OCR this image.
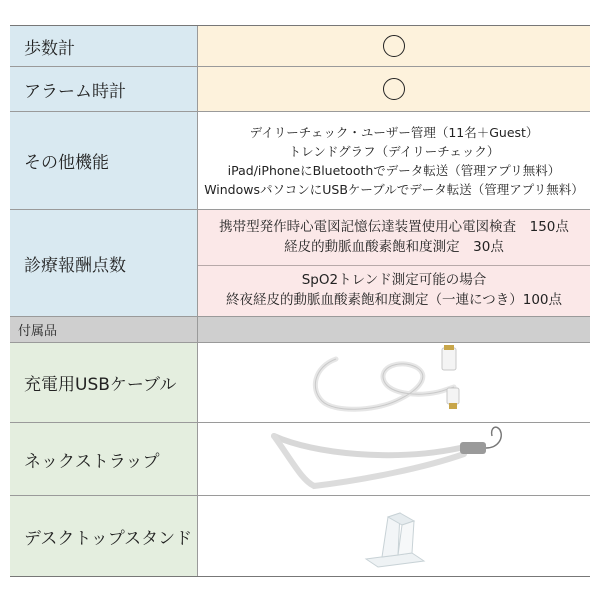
歩数計
アラーム時計
その他機能
デイリーチェック・ユーザー管理（11名＋Guest）
トレンドグラフ（デイリーチェック）
iPad/iPhoneにBluetoothでデータ転送（管理アプリ無料）
WindowsパソコンにUSBケーブルでデータ転送（管理アプリ無料）
診療報酬点数
携帯型発作時心電図記憶伝達装置使用心電図検査　150点
経皮的動脈血酸素飽和度測定　30点
SpO2トレンド測定可能の場合
終夜経皮的動脈血酸素飽和度測定（一連につき）100点
付属品
充電用USBケーブル
ネックストラップ
デスクトップスタンド
